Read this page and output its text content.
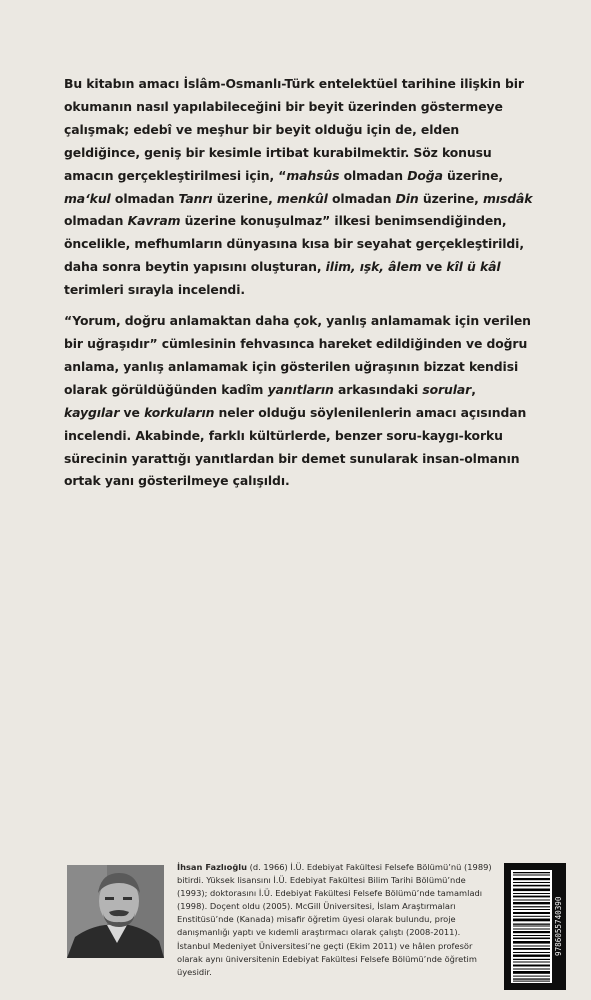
Bu kitabın amacı İslâm-Osmanlı-Türk entelektüel tarihine ilişkin bir okumanın nasıl yapılabileceğini bir beyit üzerinden göstermeye çalışmak; edebî ve meşhur bir beyit olduğu için de, elden geldiğince, geniş bir kesimle irtibat kurabilmektir. Söz konusu amacın gerçekleştirilmesi için, “mahsûs olmadan Doğa üzerine, ma‘kul olmadan Tanrı üzerine, menkûl olmadan Din üzerine, mısdâk olmadan Kavram üzerine konuşulmaz” ilkesi benimsendiğinden, öncelikle, mefhumların dünyasına kısa bir seyahat gerçekleştirildi, daha sonra beytin yapısını oluşturan, ilim, ışk, âlem ve kîl ü kâl terimleri sırayla incelendi.

“Yorum, doğru anlamaktan daha çok, yanlış anlamamak için verilen bir uğraşıdır” cümlesinin fehvasınca hareket edildiğinden ve doğru anlama, yanlış anlamamak için gösterilen uğraşının bizzat kendisi olarak görüldüğünden kadîm yanıtların arkasındaki sorular, kaygılar ve korkuların neler olduğu söylenilenlerin amacı açısından incelendi. Akabinde, farklı kültürlerde, benzer soru-kaygı-korku sürecinin yarattığı yanıtlardan bir demet sunularak insan-olmanın ortak yanı gösterilmeye çalışıldı.

İhsan Fazlıoğlu (d. 1966) İ.Ü. Edebiyat Fakültesi Felsefe Bölümü’nü (1989) bitirdi. Yüksek lisansını İ.Ü. Edebiyat Fakültesi Bilim Tarihi Bölümü’nde (1993); doktorasını İ.Ü. Edebiyat Fakültesi Felsefe Bölümü’nde tamamladı (1998). Doçent oldu (2005). McGill Üniversitesi, İslam Araştırmaları Enstitüsü’nde (Kanada) misafir öğretim üyesi olarak bulundu, proje danışmanlığı yaptı ve kıdemli araştırmacı olarak çalıştı (2008-2011). İstanbul Medeniyet Üniversitesi’ne geçti (Ekim 2011) ve hâlen profesör olarak aynı üniversitenin Edebiyat Fakültesi Felsefe Bölümü’nde öğretim üyesidir.

9786055740390
